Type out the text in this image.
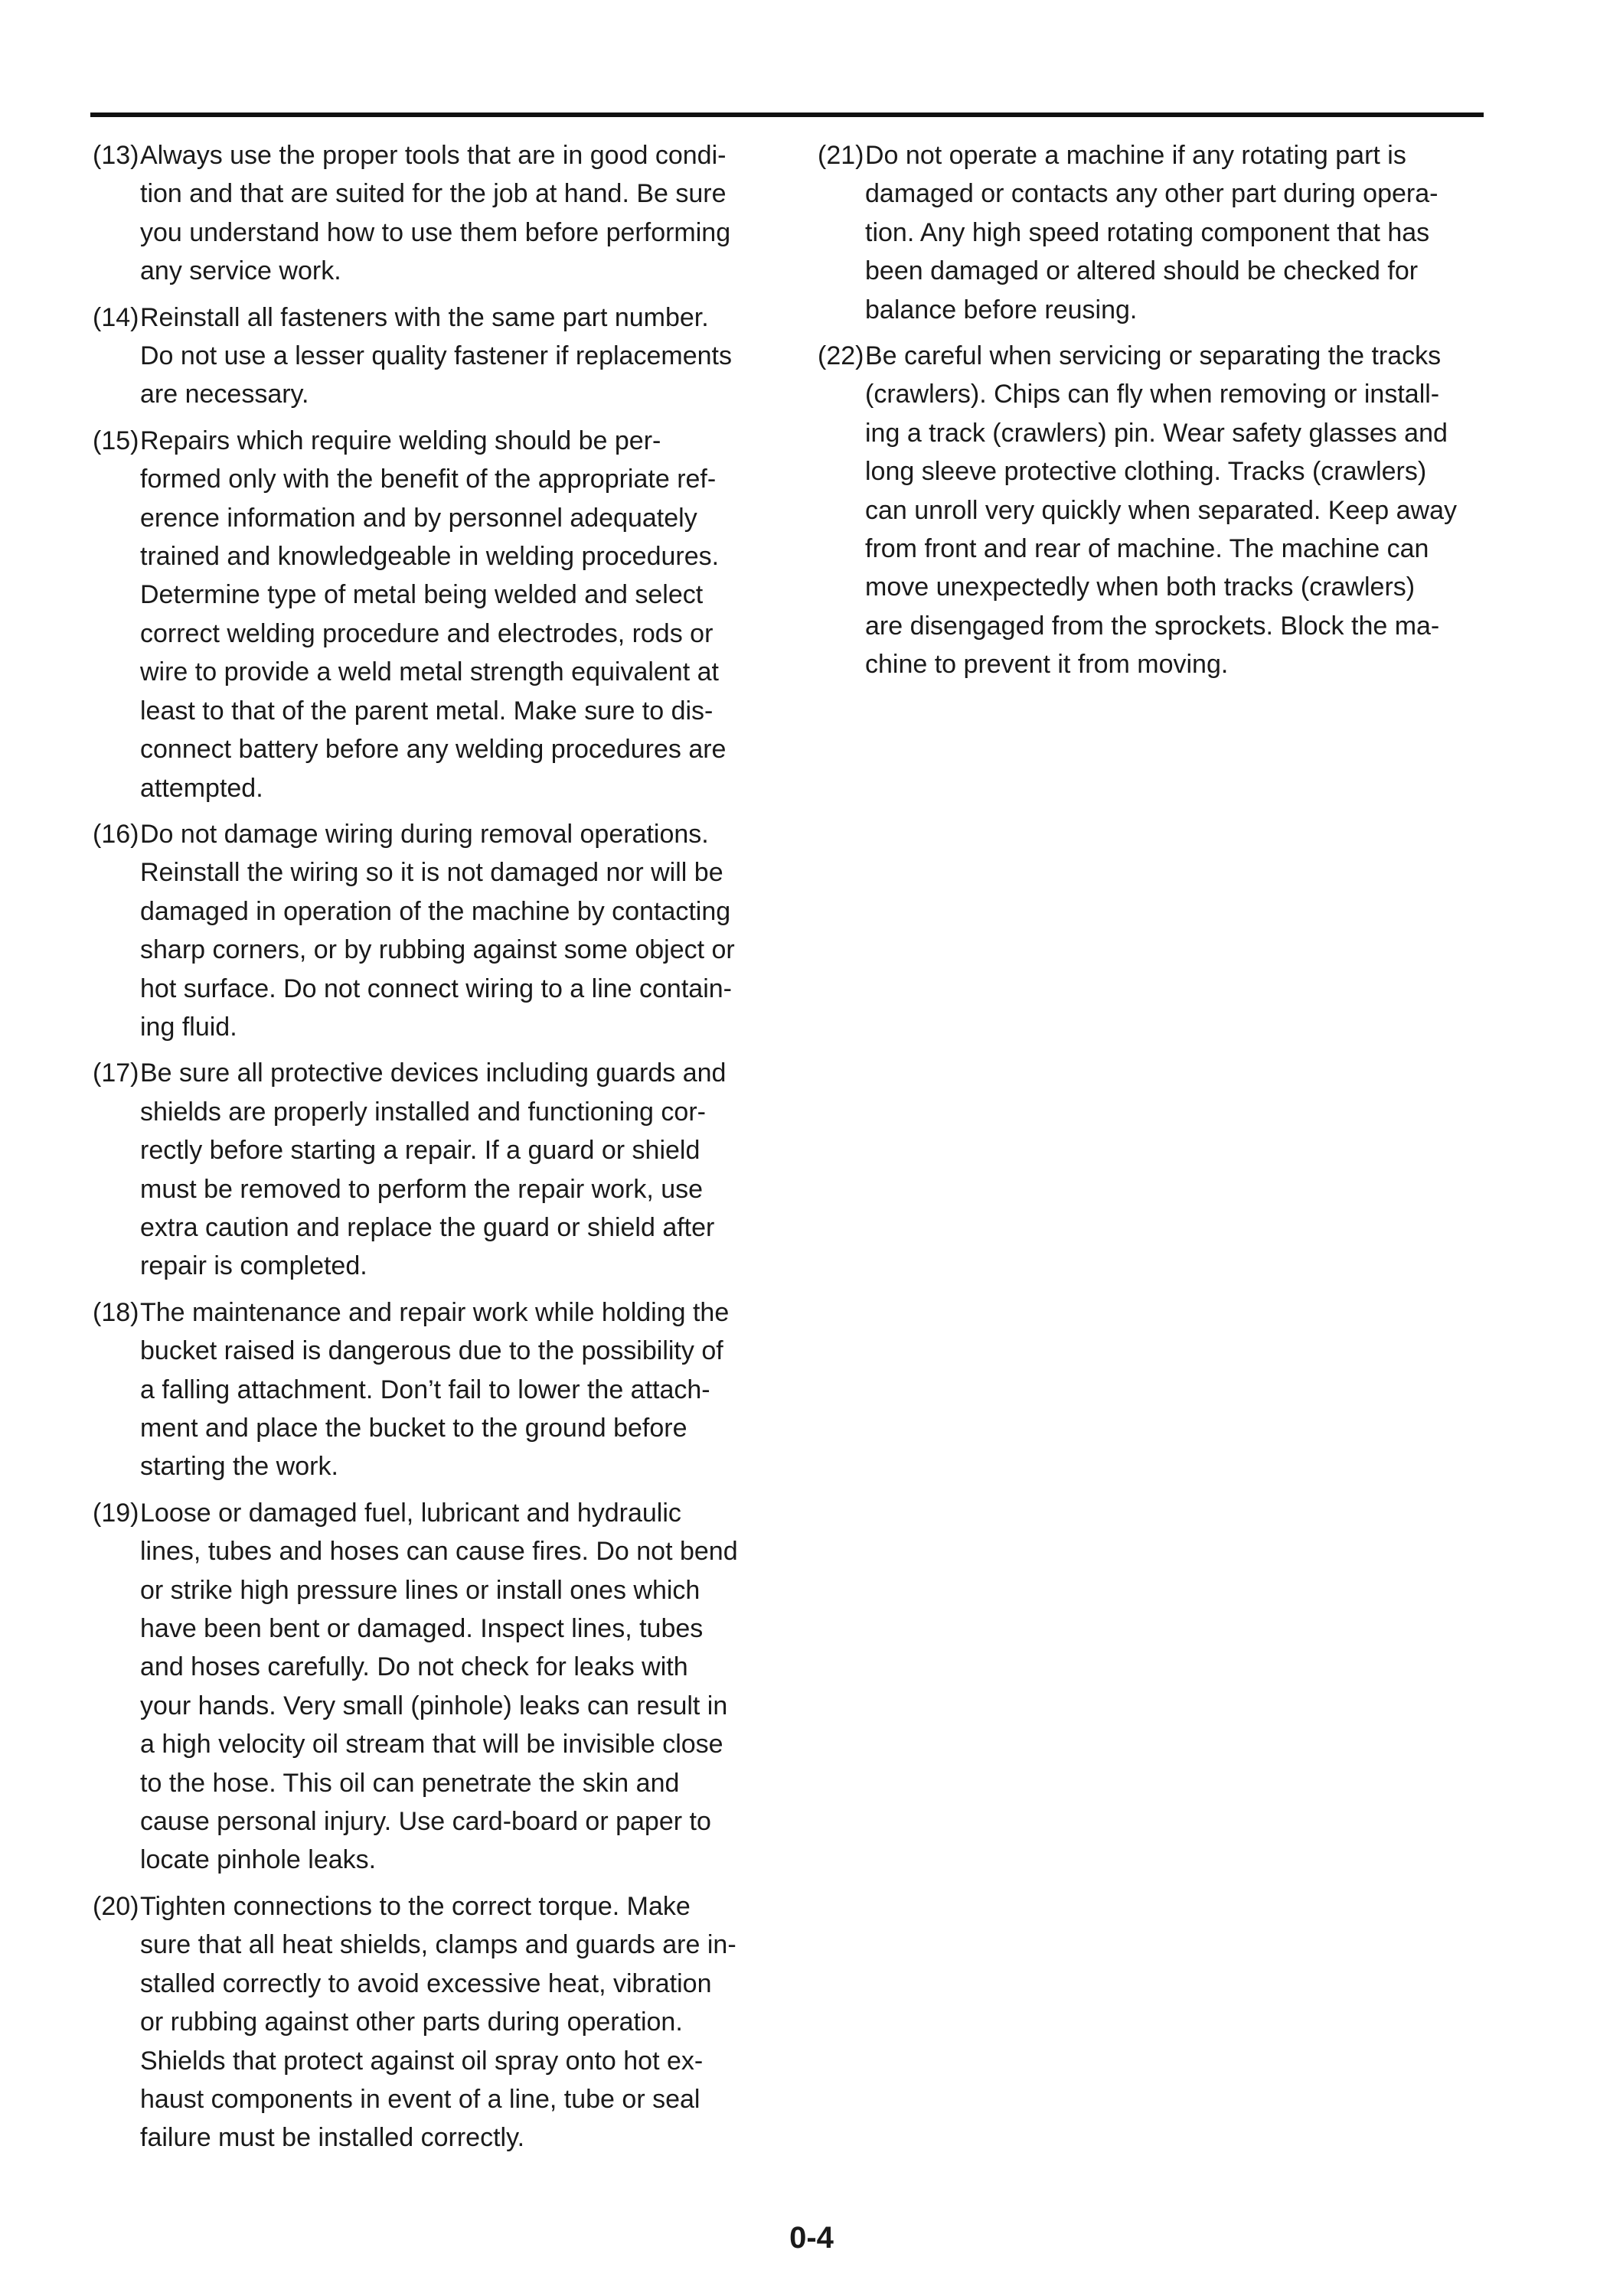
(13) Always use the proper tools that are in good condi-
tion and that are suited for the job at hand. Be sure
you understand how to use them before performing
any service work.
(14) Reinstall all fasteners with the same part number.
Do not use a lesser quality fastener if replacements
are necessary.
(15) Repairs which require welding should be per-
formed only with the benefit of the appropriate ref-
erence information and by personnel adequately
trained and knowledgeable in welding procedures.
Determine type of metal being welded and select
correct welding procedure and electrodes, rods or
wire to provide a weld metal strength equivalent at
least to that of the parent metal. Make sure to dis-
connect battery before any welding procedures are
attempted.
(16) Do not damage wiring during removal operations.
Reinstall the wiring so it is not damaged nor will be
damaged in operation of the machine by contacting
sharp corners, or by rubbing against some object or
hot surface. Do not connect wiring to a line contain-
ing fluid.
(17) Be sure all protective devices including guards and
shields are properly installed and functioning cor-
rectly before starting a repair. If a guard or shield
must be removed to perform the repair work, use
extra caution and replace the guard or shield after
repair is completed.
(18) The maintenance and repair work while holding the
bucket raised is dangerous due to the possibility of
a falling attachment. Don’t fail to lower the attach-
ment and place the bucket to the ground before
starting the work.
(19) Loose or damaged fuel, lubricant and hydraulic
lines, tubes and hoses can cause fires. Do not bend
or strike high pressure lines or install ones which
have been bent or damaged. Inspect lines, tubes
and hoses carefully. Do not check for leaks with
your hands. Very small (pinhole) leaks can result in
a high velocity oil stream that will be invisible close
to the hose. This oil can penetrate the skin and
cause personal injury. Use card-board or paper to
locate pinhole leaks.
(20) Tighten connections to the correct torque. Make
sure that all heat shields, clamps and guards are in-
stalled correctly to avoid excessive heat, vibration
or rubbing against other parts during operation.
Shields that protect against oil spray onto hot ex-
haust components in event of a line, tube or seal
failure must be installed correctly.
(21) Do not operate a machine if any rotating part is
damaged or contacts any other part during opera-
tion. Any high speed rotating component that has
been damaged or altered should be checked for
balance before reusing.
(22) Be careful when servicing or separating the tracks
(crawlers). Chips can fly when removing or install-
ing a track (crawlers) pin. Wear safety glasses and
long sleeve protective clothing. Tracks (crawlers)
can unroll very quickly when separated. Keep away
from front and rear of machine. The machine can
move unexpectedly when both tracks (crawlers)
are disengaged from the sprockets. Block the ma-
chine to prevent it from moving.
0-4
